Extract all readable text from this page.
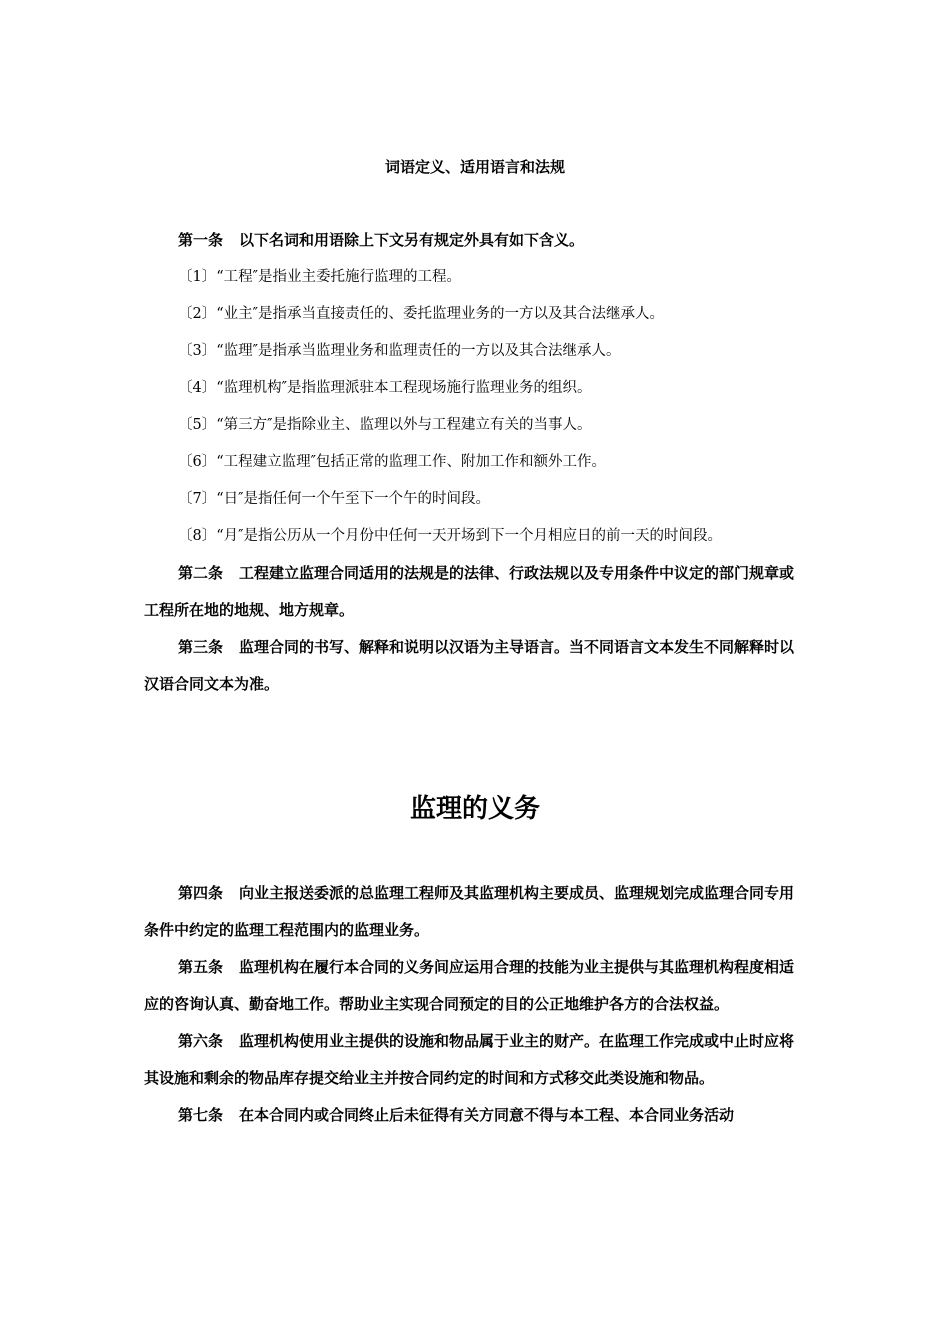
词语定义、适用语言和法规

第一条 以下名词和用语除上下文另有规定外具有如下含义。

〔1〕“工程″是指业主委托施行监理的工程。

〔2〕“业主″是指承当直接责任的、委托监理业务的一方以及其合法继承人。

〔3〕“监理″是指承当监理业务和监理责任的一方以及其合法继承人。

〔4〕“监理机构″是指监理派驻本工程现场施行监理业务的组织。

〔5〕“第三方″是指除业主、监理以外与工程建立有关的当事人。

〔6〕“工程建立监理″包括正常的监理工作、附加工作和额外工作。

〔7〕“日″是指任何一个午至下一个午的时间段。

〔8〕“月″是指公历从一个月份中任何一天开场到下一个月相应日的前一天的时间段。

第二条 工程建立监理合同适用的法规是的法律、行政法规以及专用条件中议定的部门规章或工程所在地的地规、地方规章。

第三条 监理合同的书写、解释和说明以汉语为主导语言。当不同语言文本发生不同解释时以汉语合同文本为准。

监理的义务

第四条 向业主报送委派的总监理工程师及其监理机构主要成员、监理规划完成监理合同专用条件中约定的监理工程范围内的监理业务。

第五条 监理机构在履行本合同的义务间应运用合理的技能为业主提供与其监理机构程度相适应的咨询认真、勤奋地工作。帮助业主实现合同预定的目的公正地维护各方的合法权益。

第六条 监理机构使用业主提供的设施和物品属于业主的财产。在监理工作完成或中止时应将其设施和剩余的物品库存提交给业主并按合同约定的时间和方式移交此类设施和物品。

第七条 在本合同内或合同终止后未征得有关方同意不得与本工程、本合同业务活动
